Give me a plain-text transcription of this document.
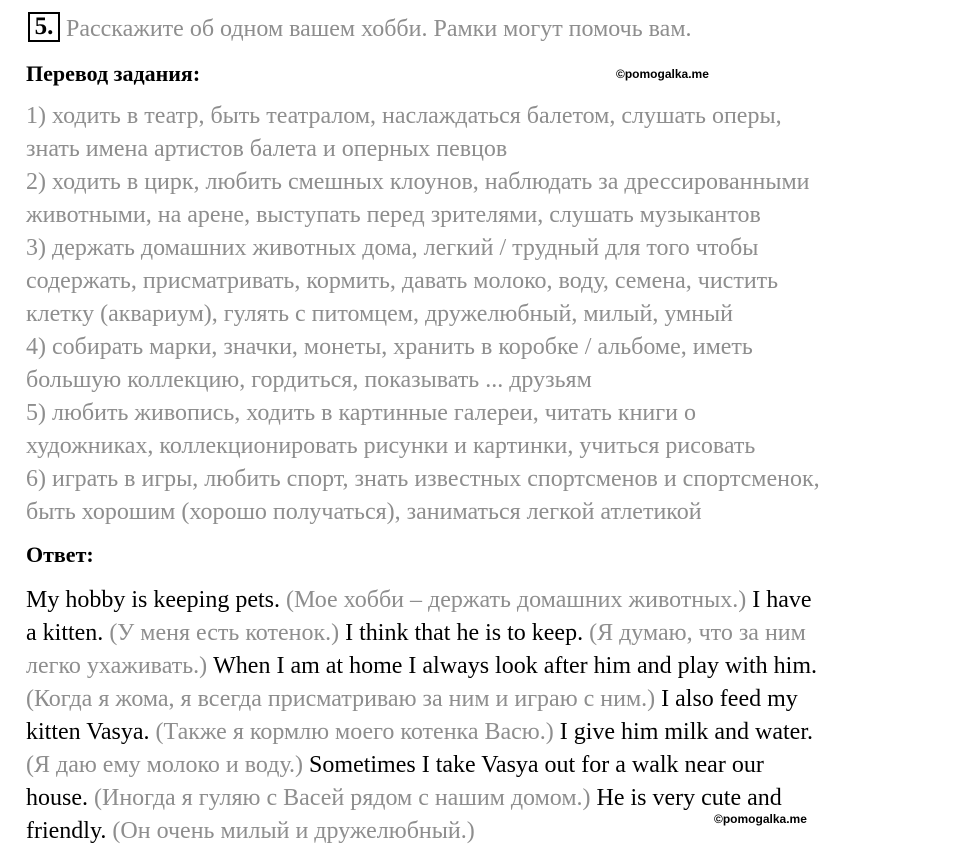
5. Расскажите об одном вашем хобби. Рамки могут помочь вам.
Перевод задания:	©pomogalka.me
1) ходить в театр, быть театралом, наслаждаться балетом, слушать оперы,
знать имена артистов балета и оперных певцов
2) ходить в цирк, любить смешных клоунов, наблюдать за дрессированными
животными, на арене, выступать перед зрителями, слушать музыкантов
3) держать домашних животных дома, легкий / трудный для того чтобы
содержать, присматривать, кормить, давать молоко, воду, семена, чистить
клетку (аквариум), гулять с питомцем, дружелюбный, милый, умный
4) собирать марки, значки, монеты, хранить в коробке / альбоме, иметь
большую коллекцию, гордиться, показывать ... друзьям
5) любить живопись, ходить в картинные галереи, читать книги о
художниках, коллекционировать рисунки и картинки, учиться рисовать
6) играть в игры, любить спорт, знать известных спортсменов и спортсменок,
быть хорошим (хорошо получаться), заниматься легкой атлетикой
Ответ:
My hobby is keeping pets. (Мое хобби – держать домашних животных.) I have
a kitten. (У меня есть котенок.) I think that he is to keep. (Я думаю, что за ним
легко ухаживать.) When I am at home I always look after him and play with him.
(Когда я жома, я всегда присматриваю за ним и играю с ним.) I also feed my
kitten Vasya. (Также я кормлю моего котенка Васю.) I give him milk and water.
(Я даю ему молоко и воду.) Sometimes I take Vasya out for a walk near our
house. (Иногда я гуляю с Васей рядом с нашим домом.) He is very cute and
friendly. (Он очень милый и дружелюбный.)	©pomogalka.me
